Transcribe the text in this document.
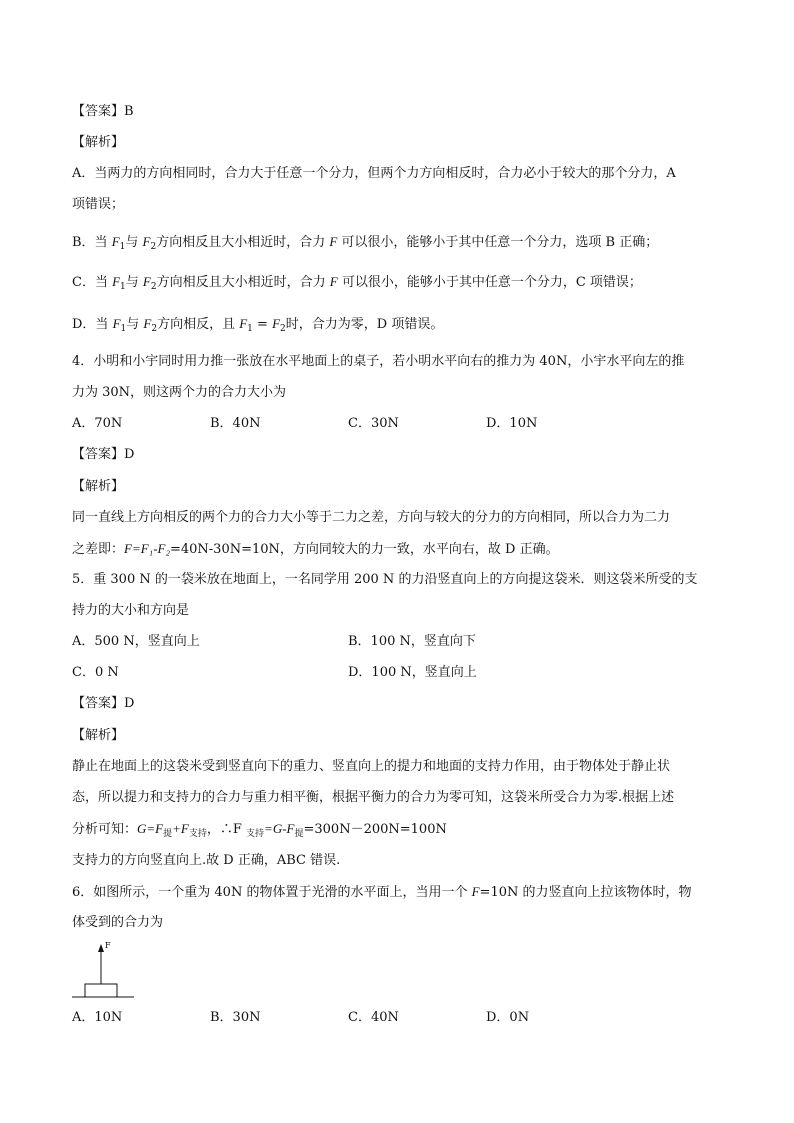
【答案】B
【解析】
A．当两力的方向相同时，合力大于任意一个分力，但两个力方向相反时，合力必小于较大的那个分力，A
项错误；
B．当 $F_1$与 $F_2$方向相反且大小相近时，合力 F 可以很小，能够小于其中任意一个分力，选项 B 正确；
C．当 $F_1$与 $F_2$方向相反且大小相近时，合力 F 可以很小，能够小于其中任意一个分力，C 项错误；
D．当 $F_1$与 $F_2$方向相反，且 $F_1 = F_2$时，合力为零，D 项错误。
4．小明和小宇同时用力推一张放在水平地面上的桌子，若小明水平向右的推力为 40N，小宇水平向左的推
力为 30N，则这两个力的合力大小为
A．70N	B．40N	C．30N	D．10N
【答案】D
【解析】
同一直线上方向相反的两个力的合力大小等于二力之差，方向与较大的分力的方向相同，所以合力为二力
之差即：F=F₁-F₂=40N-30N=10N，方向同较大的力一致，水平向右，故 D 正确。
5．重 300 N 的一袋米放在地面上，一名同学用 200 N 的力沿竖直向上的方向提这袋米．则这袋米所受的支
持力的大小和方向是
A．500 N，竖直向上	B．100 N，竖直向下
C．0 N	D．100 N，竖直向上
【答案】D
【解析】
静止在地面上的这袋米受到竖直向下的重力、竖直向上的提力和地面的支持力作用，由于物体处于静止状
态，所以提力和支持力的合力与重力相平衡，根据平衡力的合力为零可知，这袋米所受合力为零.根据上述
分析可知：$G=F_提+F_{支持}$，∴F $_{支持}=G-F_提=300N-200N=100N$
支持力的方向竖直向上.故 D 正确，ABC 错误.
6．如图所示，一个重为 40N 的物体置于光滑的水平面上，当用一个 F=10N 的力竖直向上拉该物体时，物
体受到的合力为
F
A．10N	B．30N	C．40N	D．0N
